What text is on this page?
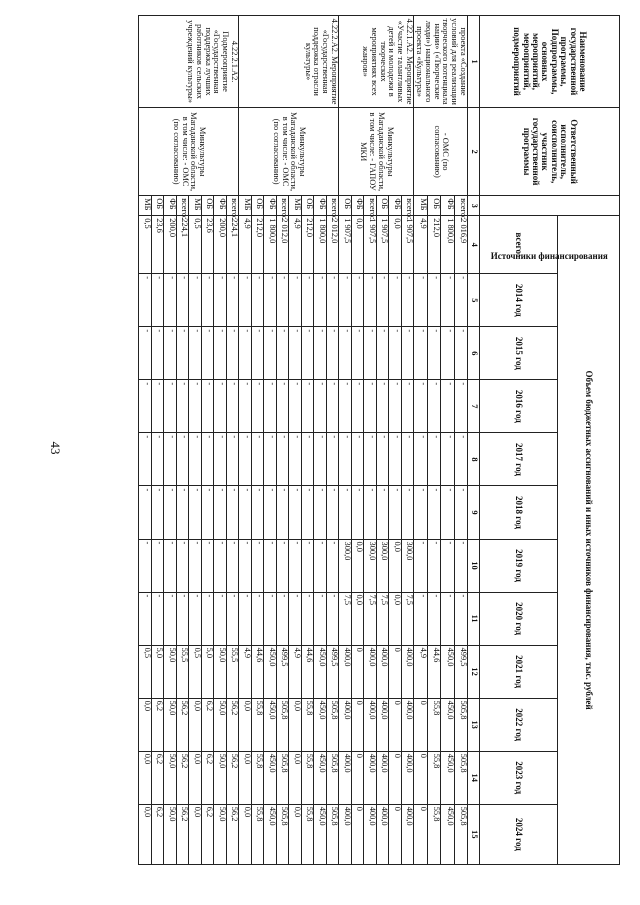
43
Наименование государственной программы, Подпрограммы, основных мероприятий, мероприятий, подмероприятий	Ответственный исполнитель, соисполнитель, участник государственной программы	Источники финансирования	Объем бюджетных ассигнований и иных источников финансирования, тыс. рублей											
			всего:	2014 год	2015 год	2016 год	2017 год	2018 год	2019 год	2020 год	2021 год	2022 год	2023 год	2024 год
1	2	3	4	5	6	7	8	9	10	11	12	13	14	15
проекта «Создание условий для реализации творческого потенциала нации» («Творческие люди») национального проекта «Культура»	- ОМС (по согласованию)	всего:	2 016,9	-	-	-	-	-	-	-	499,5	505,8	505,8	505,8
		ФБ	1 800,0	-	-	-	-	-	-	-	450,0	450,0	450,0	450,0
		ОБ	212,0	-	-	-	-	-	-	-	44,6	55,8	55,8	55,8
		МБ	4,9	-	-	-	-	-	-	-	4,9	0	0	0
4.22.1.А2. Мероприятие «Участие талантливых детей и молодежи в творческих мероприятиях всех жанров»	Минкультуры Магаданской области, в том числе: - ГАПОУ МКИ	всего:	1 907,5	-	-	-	-	-	300,0	7,5	400,0	400,0	400,0	400,0
		ФБ	0,0	-	-	-	-	-	0,0	0,0	0	0	0	0
		ОБ	1 907,5	-	-	-	-	-	300,0	7,5	400,0	400,0	400,0	400,0
		всего:	1 907,5	-	-	-	-	-	300,0	7,5	400,0	400,0	400,0	400,0
		ФБ	0,0	-	-	-	-	-	0,0	0,0	0	0	0	0
		ОБ	1 907,5	-	-	-	-	-	300,0	7,5	400,0	400,0	400,0	400,0
4.22.2.А2. Мероприятие «Государственная поддержка отрасли культуры»	Минкультуры Магаданской области, в том числе: - ОМС (по согласованию)	всего:	2 012,0	-	-	-	-	-	-	-	499,5	505,8	505,8	505,8
		ФБ	1 800,0	-	-	-	-	-	-	-	450,0	450,0	450,0	450,0
		ОБ	212,0	-	-	-	-	-	-	-	44,6	55,8	55,8	55,8
		МБ	4,9	-	-	-	-	-	-	-	4,9	0,0	0,0	0,0
		всего:	2 012,0	-	-	-	-	-	-	-	499,5	505,8	505,8	505,8
		ФБ	1 800,0	-	-	-	-	-	-	-	450,0	450,0	450,0	450,0
		ОБ	212,0	-	-	-	-	-	-	-	44,6	55,8	55,8	55,8
		МБ	4,9	-	-	-	-	-	-	-	4,9	0,0	0,0	0,0
4.22.2.1.А2. Подмероприятие «Государственная поддержка лучших работников сельских учреждений культуры»	Минкультуры Магаданской области, в том числе: - ОМС (по согласованию)	всего:	224,1	-	-	-	-	-	-	-	55,5	56,2	56,2	56,2
		ФБ	200,0	-	-	-	-	-	-	-	50,0	50,0	50,0	50,0
		ОБ	23,6	-	-	-	-	-	-	-	5,0	6,2	6,2	6,2
		МБ	0,5	-	-	-	-	-	-	-	0,5	0,0	0,0	0,0
		всего:	224,1	-	-	-	-	-	-	-	55,5	56,2	56,2	56,2
		ФБ	200,0	-	-	-	-	-	-	-	50,0	50,0	50,0	50,0
		ОБ	23,6	-	-	-	-	-	-	-	5,0	6,2	6,2	6,2
		МБ	0,5	-	-	-	-	-	-	-	0,5	0,0	0,0	0,0
